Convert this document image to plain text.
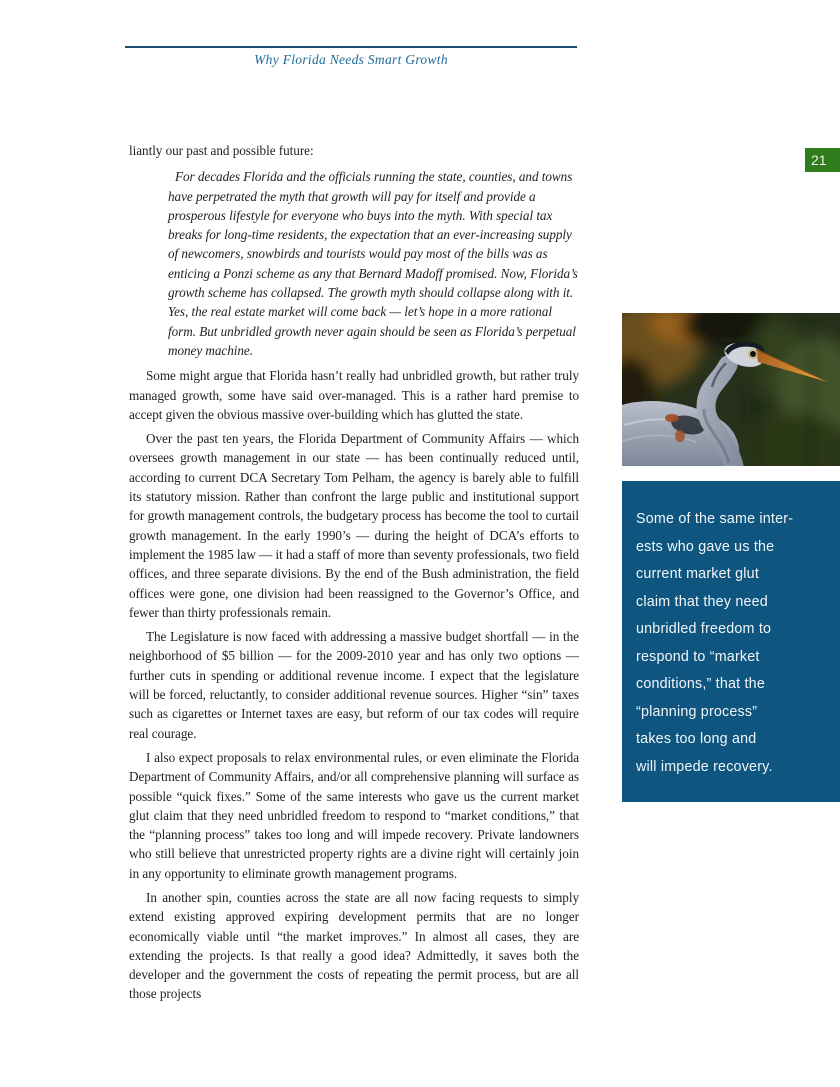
Why Florida Needs Smart Growth
21
liantly our past and possible future:
For decades Florida and the officials running the state, counties, and towns have perpetrated the myth that growth will pay for itself and provide a prosperous lifestyle for everyone who buys into the myth. With special tax breaks for long-time residents, the expectation that an ever-increasing supply of newcomers, snowbirds and tourists would pay most of the bills was as enticing a Ponzi scheme as any that Bernard Madoff promised. Now, Florida’s growth scheme has collapsed. The growth myth should collapse along with it. Yes, the real estate market will come back — let’s hope in a more rational form. But unbridled growth never again should be seen as Florida’s perpetual money machine.

Some might argue that Florida hasn’t really had unbridled growth, but rather truly managed growth, some have said over-managed. This is a rather hard premise to accept given the obvious massive over-building which has glutted the state.

Over the past ten years, the Florida Department of Community Affairs — which oversees growth management in our state — has been continually reduced until, according to current DCA Secretary Tom Pelham, the agency is barely able to fulfill its statutory mission. Rather than confront the large public and institutional support for growth management controls, the budgetary process has become the tool to curtail growth management. In the early 1990’s — during the height of DCA’s efforts to implement the 1985 law — it had a staff of more than seventy professionals, two field offices, and three separate divisions. By the end of the Bush administration, the field offices were gone, one division had been reassigned to the Governor’s Office, and fewer than thirty professionals remain.

The Legislature is now faced with addressing a massive budget shortfall — in the neighborhood of $5 billion — for the 2009-2010 year and has only two options — further cuts in spending or additional revenue income. I expect that the legislature will be forced, reluctantly, to consider additional revenue sources. Higher “sin” taxes such as cigarettes or Internet taxes are easy, but reform of our tax codes will require real courage.

I also expect proposals to relax environmental rules, or even eliminate the Florida Department of Community Affairs, and/or all comprehensive planning will surface as possible “quick fixes.” Some of the same interests who gave us the current market glut claim that they need unbridled freedom to respond to “market conditions,” that the “planning process” takes too long and will impede recovery. Private landowners who still believe that unrestricted property rights are a divine right will certainly join in any opportunity to eliminate growth management programs.

In another spin, counties across the state are all now facing requests to simply extend existing approved expiring development permits that are no longer economically viable until “the market improves.” In almost all cases, they are extending the projects. Is that really a good idea? Admittedly, it saves both the developer and the government the costs of repeating the permit process, but are all those projects

Some of the same inter-
ests who gave us the
current market glut
claim that they need
unbridled freedom to
respond to “market
conditions,” that the
“planning process”
takes too long and
will impede recovery.
